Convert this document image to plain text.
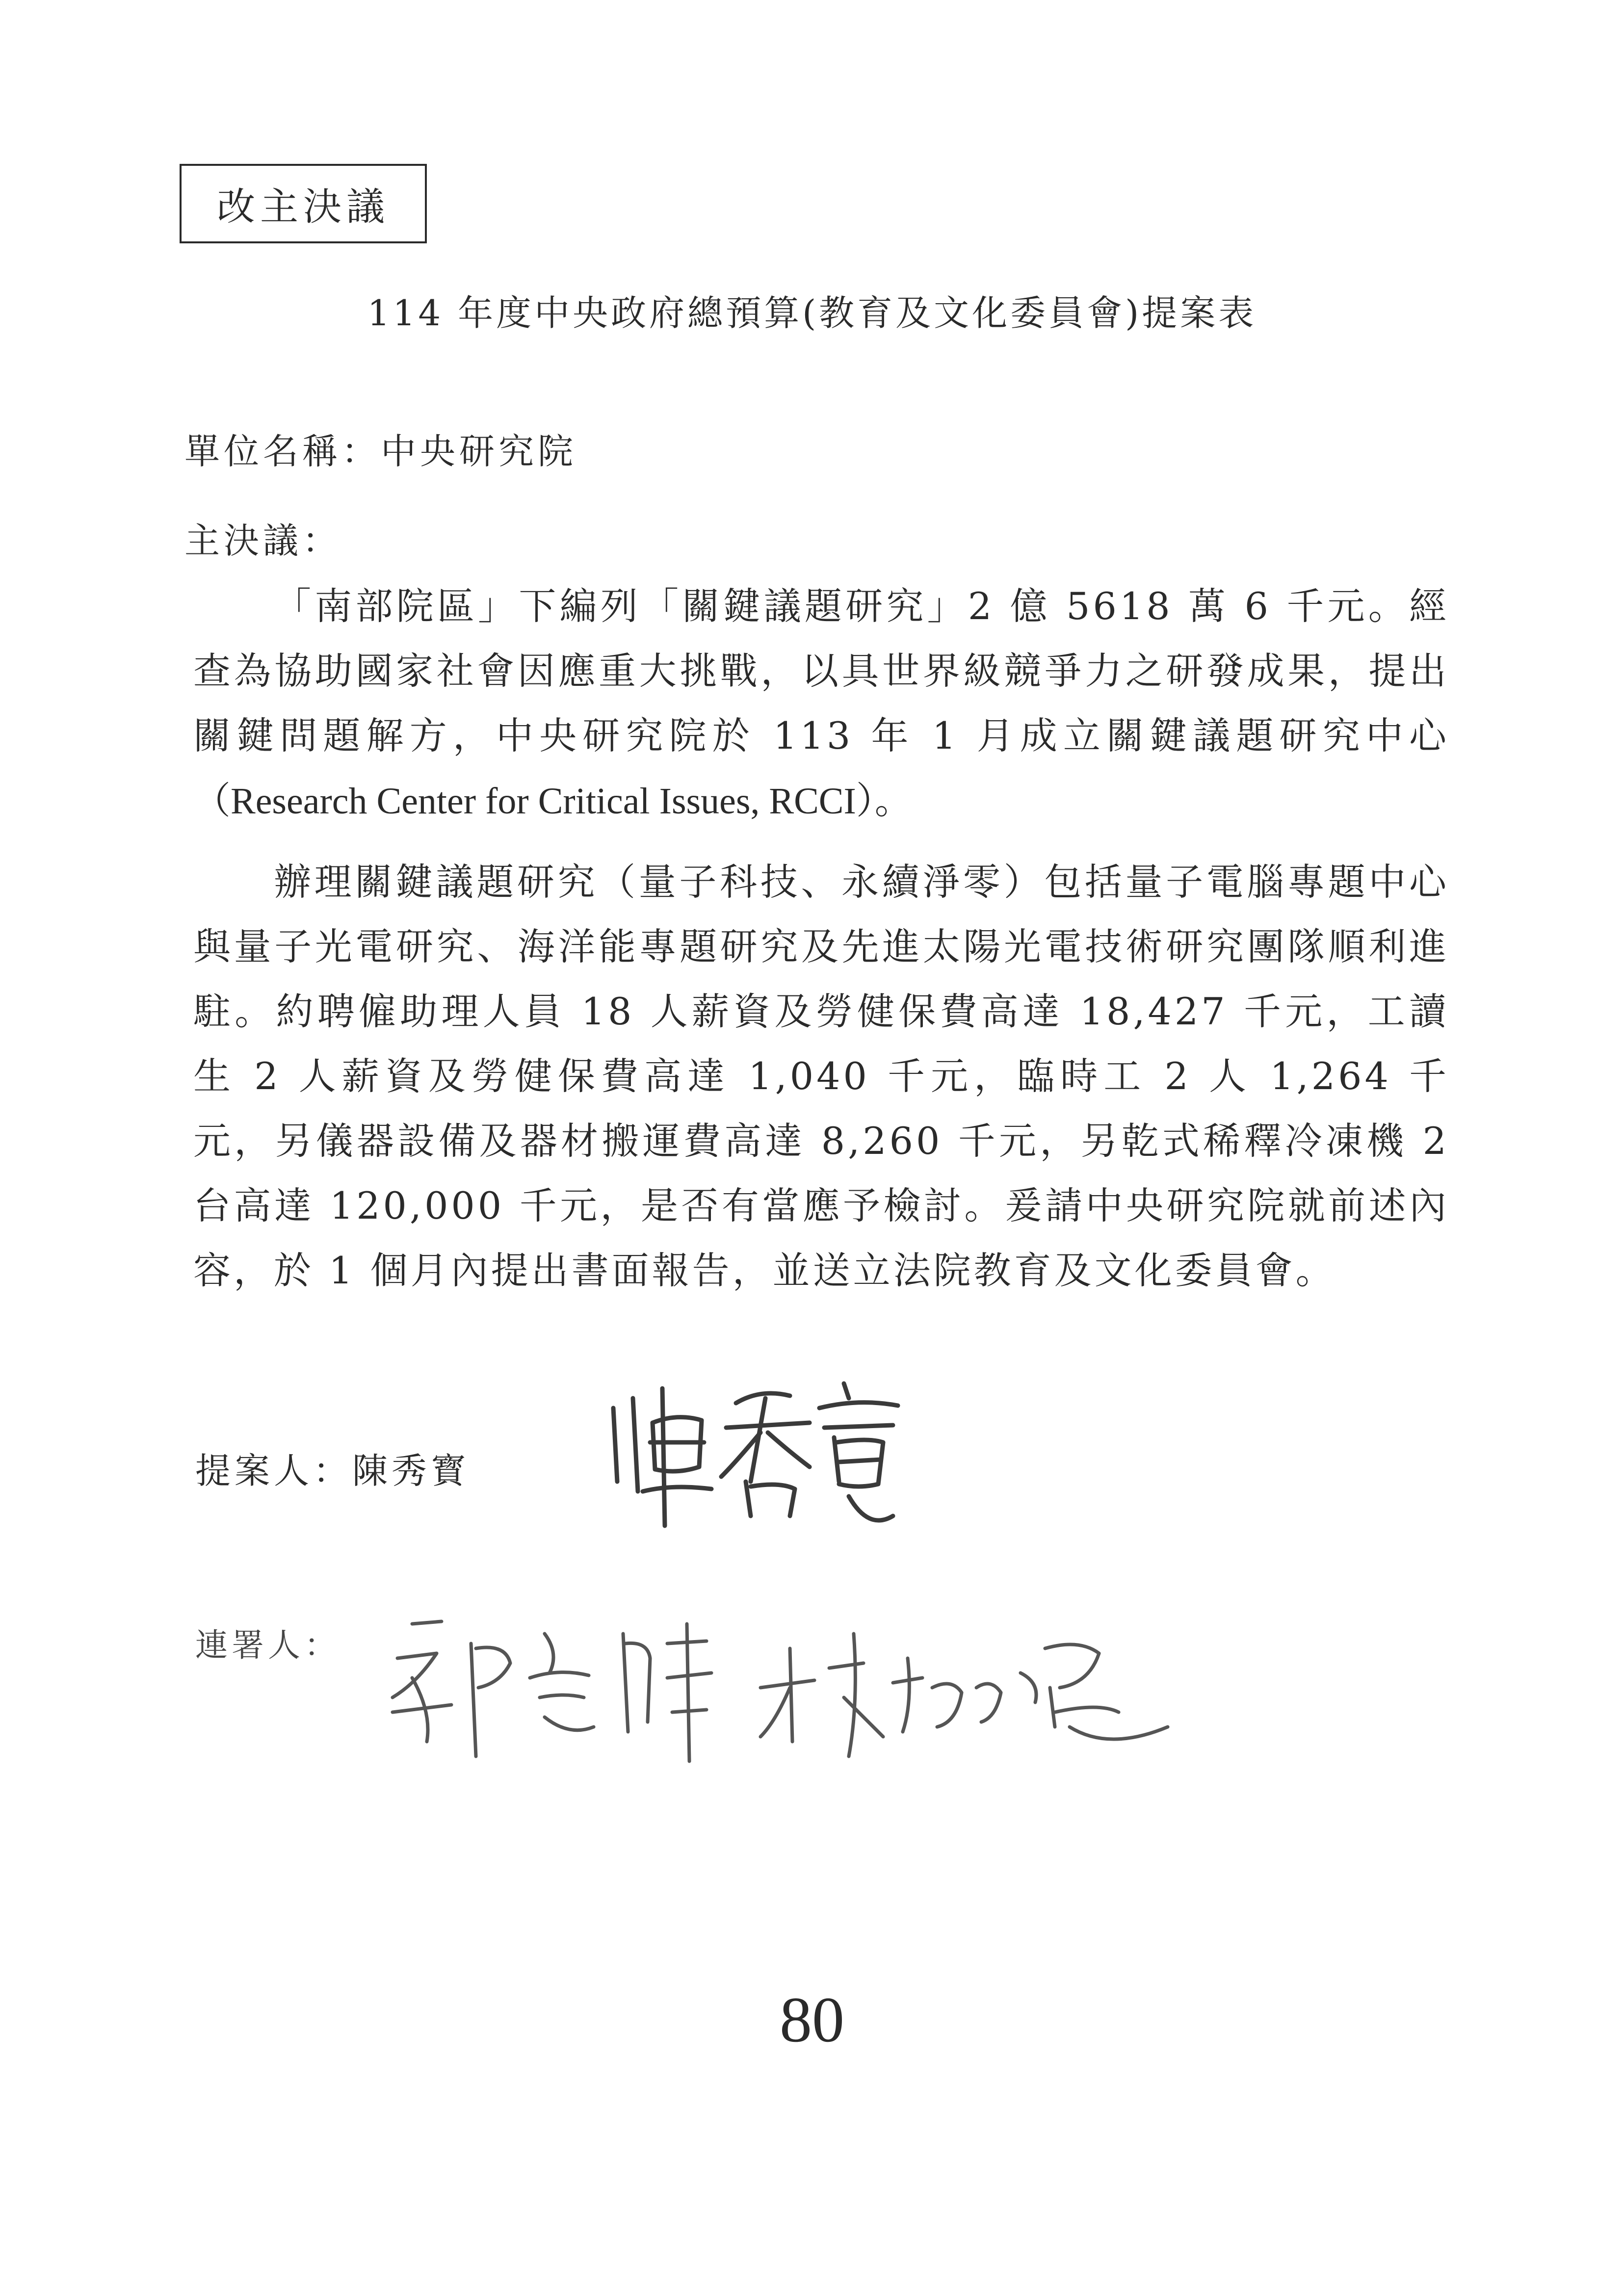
改主決議
114 年度中央政府總預算(教育及文化委員會)提案表
單位名稱：中央研究院
主決議：
「南部院區」下編列「關鍵議題研究」2 億 5618 萬 6 千元。經查為協助國家社會因應重大挑戰，以具世界級競爭力之研發成果，提出關鍵問題解方，中央研究院於 113 年 1 月成立關鍵議題研究中心（Research Center for Critical Issues, RCCI）。
辦理關鍵議題研究（量子科技、永續淨零）包括量子電腦專題中心與量子光電研究、海洋能專題研究及先進太陽光電技術研究團隊順利進駐。約聘僱助理人員 18 人薪資及勞健保費高達 18,427 千元，工讀生 2 人薪資及勞健保費高達 1,040 千元，臨時工 2 人 1,264 千元，另儀器設備及器材搬運費高達 8,260 千元，另乾式稀釋冷凍機 2 台高達 120,000 千元，是否有當應予檢討。爰請中央研究院就前述內容，於 1 個月內提出書面報告，並送立法院教育及文化委員會。
提案人：陳秀寳
連署人：
80
